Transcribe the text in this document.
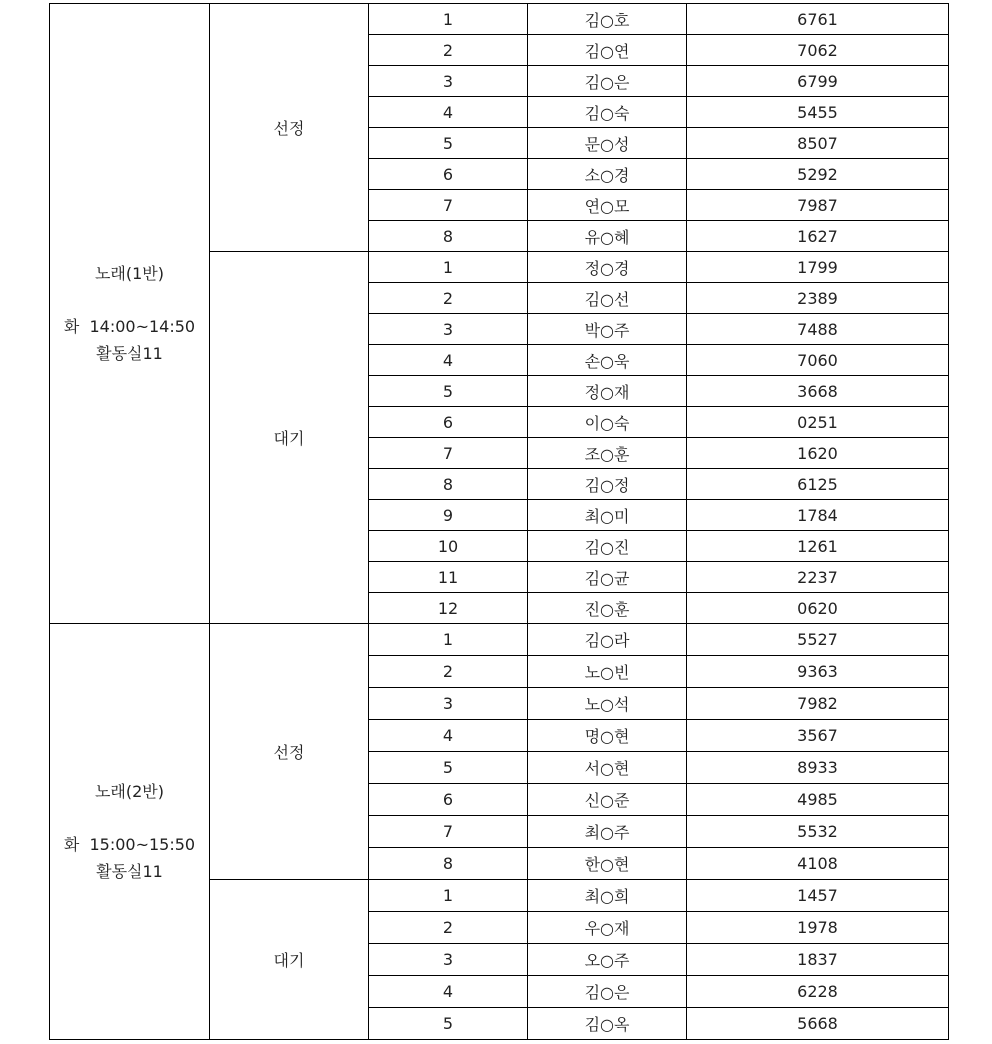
노래(1반)
화  14:00~14:50
활동실11	선정	1	김○호	6761
		2	김○연	7062
		3	김○은	6799
		4	김○숙	5455
		5	문○성	8507
		6	소○경	5292
		7	연○모	7987
		8	유○혜	1627
	대기	1	정○경	1799
		2	김○선	2389
		3	박○주	7488
		4	손○욱	7060
		5	정○재	3668
		6	이○숙	0251
		7	조○훈	1620
		8	김○정	6125
		9	최○미	1784
		10	김○진	1261
		11	김○균	2237
		12	진○훈	0620

노래(2반)
화  15:00~15:50
활동실11	선정	1	김○라	5527
		2	노○빈	9363
		3	노○석	7982
		4	명○현	3567
		5	서○현	8933
		6	신○준	4985
		7	최○주	5532
		8	한○현	4108
	대기	1	최○희	1457
		2	우○재	1978
		3	오○주	1837
		4	김○은	6228
		5	김○옥	5668
